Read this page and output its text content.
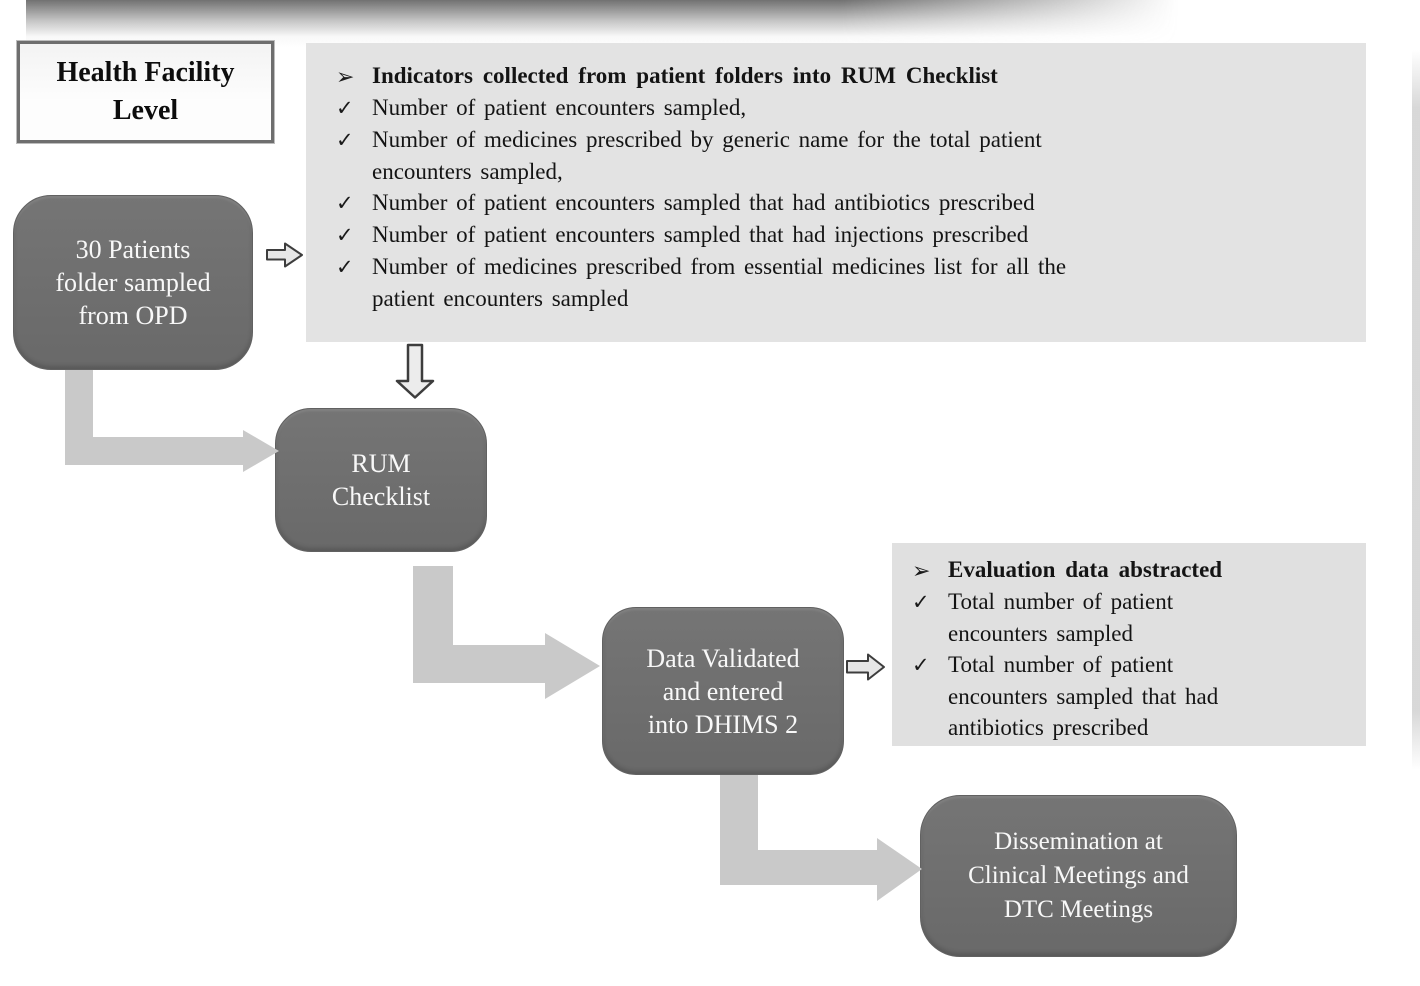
Health Facility
Level
➢ Indicators collected from patient folders into RUM Checklist
✓ Number of patient encounters sampled,
✓ Number of medicines prescribed by generic name for the total patient
encounters sampled,
✓ Number of patient encounters sampled that had antibiotics prescribed
✓ Number of patient encounters sampled that had injections prescribed
✓ Number of medicines prescribed from essential medicines list for all the
patient encounters sampled
➢ Evaluation data abstracted
✓ Total number of patient
encounters sampled
✓ Total number of patient
encounters sampled that had
antibiotics prescribed
30 Patients
folder sampled
from OPD
RUM
Checklist
Data Validated
and entered
into DHIMS 2
Dissemination at
Clinical Meetings and
DTC Meetings
